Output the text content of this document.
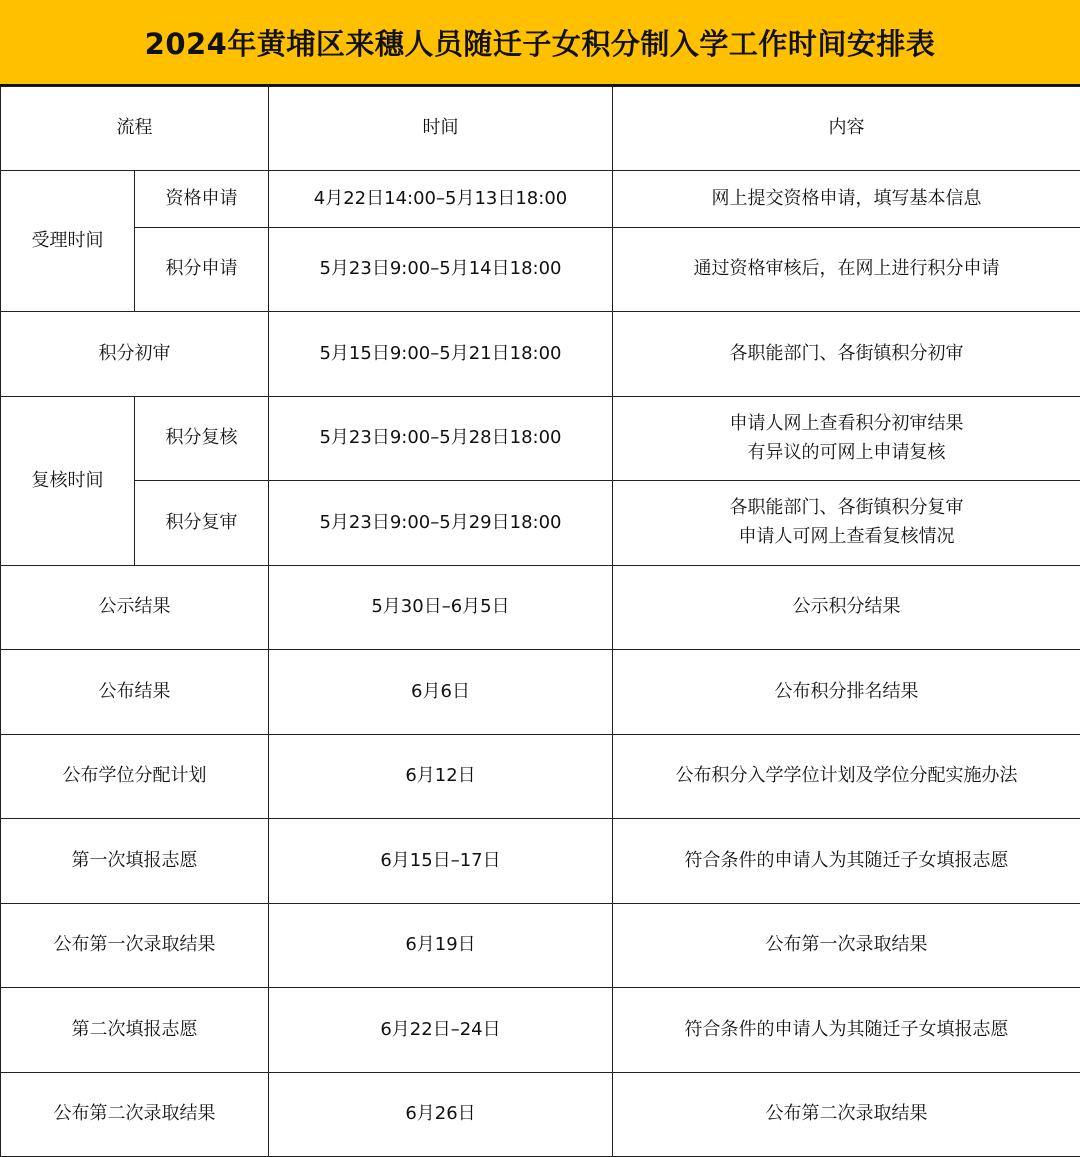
2024年黄埔区来穗人员随迁子女积分制入学工作时间安排表
流程		时间	内容
受理时间	资格申请	4月22日14:00–5月13日18:00	网上提交资格申请，填写基本信息
	积分申请	5月23日9:00–5月14日18:00	通过资格审核后，在网上进行积分申请
积分初审		5月15日9:00–5月21日18:00	各职能部门、各街镇积分初审
复核时间	积分复核	5月23日9:00–5月28日18:00	申请人网上查看积分初审结果
有异议的可网上申请复核

	积分复审	5月23日9:00–5月29日18:00	各职能部门、各街镇积分复审
申请人可网上查看复核情况

公示结果		5月30日–6月5日	公示积分结果
公布结果		6月6日	公布积分排名结果
公布学位分配计划		6月12日	公布积分入学学位计划及学位分配实施办法
第一次填报志愿		6月15日–17日	符合条件的申请人为其随迁子女填报志愿
公布第一次录取结果		6月19日	公布第一次录取结果
第二次填报志愿		6月22日–24日	符合条件的申请人为其随迁子女填报志愿
公布第二次录取结果		6月26日	公布第二次录取结果
